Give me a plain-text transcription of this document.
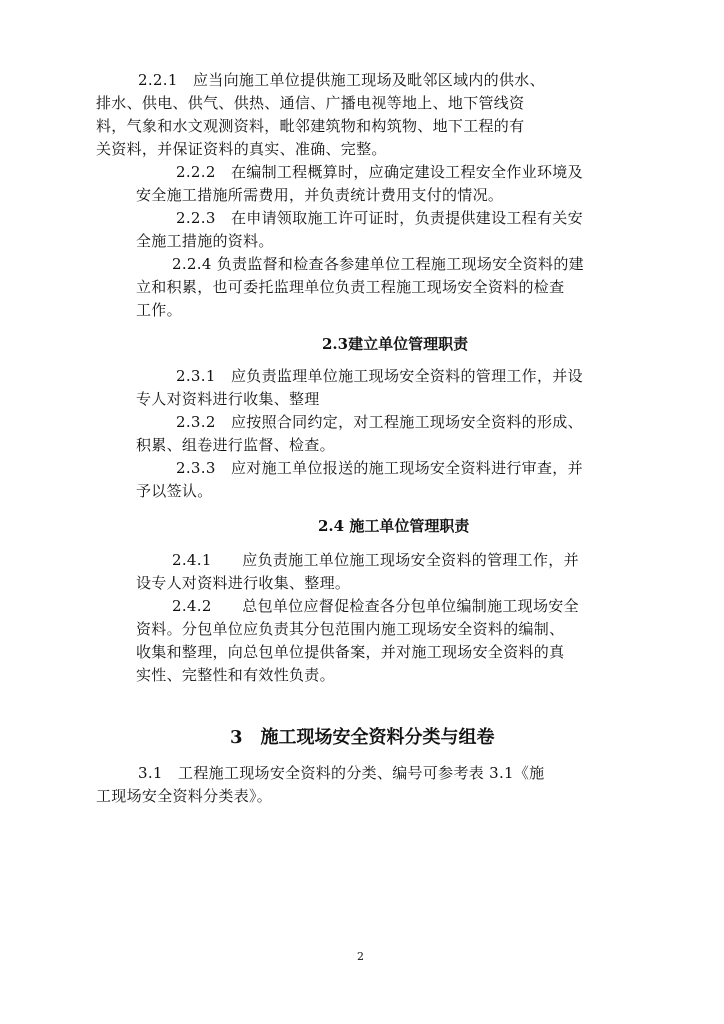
2.2.1　应当向施工单位提供施工现场及毗邻区域内的供水、

排水、供电、供气、供热、通信、广播电视等地上、地下管线资

料，气象和水文观测资料，毗邻建筑物和构筑物、地下工程的有

关资料，并保证资料的真实、准确、完整。

2.2.2　在编制工程概算时，应确定建设工程安全作业环境及

安全施工措施所需费用，并负责统计费用支付的情况。

2.2.3　在申请领取施工许可证时，负责提供建设工程有关安

全施工措施的资料。

2.2.4 负责监督和检查各参建单位工程施工现场安全资料的建

立和积累，也可委托监理单位负责工程施工现场安全资料的检查

工作。

2.3建立单位管理职责

2.3.1　应负责监理单位施工现场安全资料的管理工作，并设

专人对资料进行收集、整理

2.3.2　应按照合同约定，对工程施工现场安全资料的形成、

积累、组卷进行监督、检查。

2.3.3　应对施工单位报送的施工现场安全资料进行审查，并

予以签认。

2.4 施工单位管理职责

2.4.1　　应负责施工单位施工现场安全资料的管理工作，并

设专人对资料进行收集、整理。

2.4.2　　总包单位应督促检查各分包单位编制施工现场安全

资料。分包单位应负责其分包范围内施工现场安全资料的编制、

收集和整理，向总包单位提供备案，并对施工现场安全资料的真

实性、完整性和有效性负责。

3　施工现场安全资料分类与组卷

3.1　工程施工现场安全资料的分类、编号可参考表 3.1《施

工现场安全资料分类表》。

2
